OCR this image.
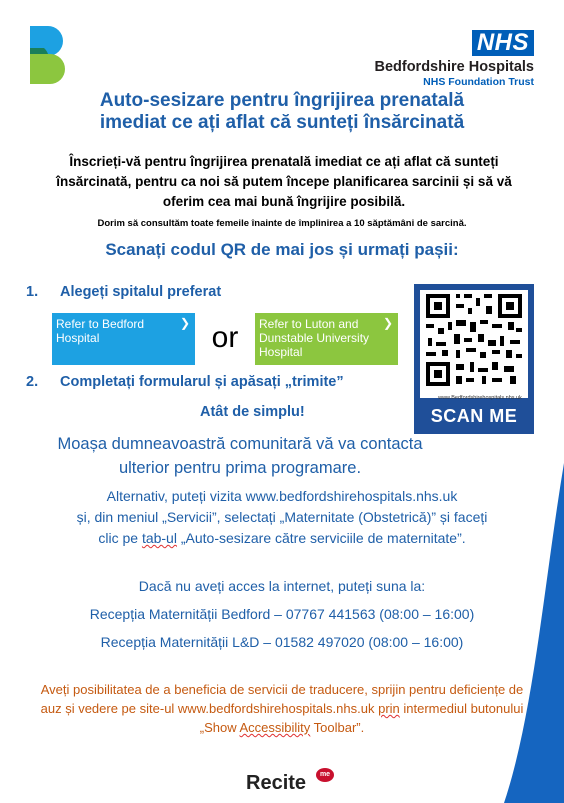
NHS
Bedfordshire Hospitals
NHS Foundation Trust
Auto-sesizare pentru îngrijirea prenatală
imediat ce ați aflat că sunteți însărcinată
Înscrieți-vă pentru îngrijirea prenatală imediat ce ați aflat că sunteți însărcinată, pentru ca noi să putem începe planificarea sarcinii și să vă oferim cea mai bună îngrijire posibilă.
Dorim să consultăm toate femeile înainte de împlinirea a 10 săptămâni de sarcină.
Scanați codul QR de mai jos și urmați pașii:
1. Alegeți spitalul preferat
Refer to Bedford Hospital
❯ or	Refer to Luton and Dunstable University Hospital
❯
2. Completați formularul și apăsați „trimite”
Atât de simplu!
www.Bedfordshirehospitals.nhs.uk
SCAN ME
Moașa dumneavoastră comunitară vă va contacta ulterior pentru prima programare.
Alternativ, puteți vizita www.bedfordshirehospitals.nhs.uk
și, din meniul „Servicii”, selectați „Maternitate (Obstetrică)” și faceți
clic pe tab-ul „Auto-sesizare către serviciile de maternitate”.
Dacă nu aveți acces la internet, puteți suna la:
Recepția Maternității Bedford – 07767 441563 (08:00 – 16:00)
Recepția Maternității L&D – 01582 497020 (08:00 – 16:00)
Aveți posibilitatea de a beneficia de servicii de traducere, sprijin pentru deficiențe de auz și vedere pe site-ul www.bedfordshirehospitals.nhs.uk prin intermediul butonului „Show Accessibility Toolbar”.
Recite	me
